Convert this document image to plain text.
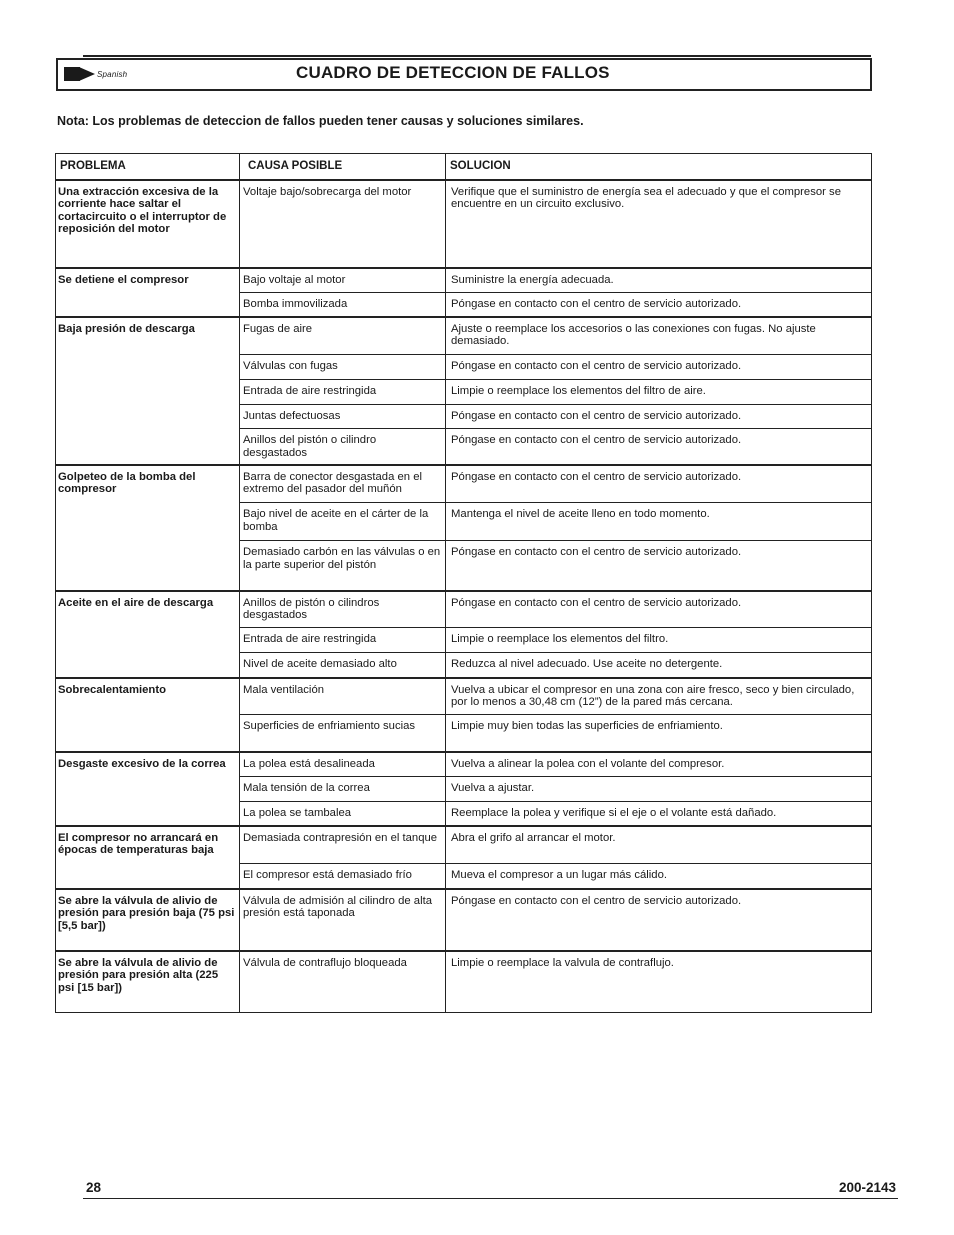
Spanish	CUADRO DE DETECCION DE FALLOS
Nota: Los problemas de deteccion de fallos pueden tener causas y soluciones similares.
PROBLEMA	CAUSA POSIBLE	SOLUCION
Una extracción excesiva de la corriente hace saltar el cortacircuito o el interruptor de reposición del motor	Voltaje bajo/sobrecarga del motor	Verifique que el suministro de energía sea el adecuado y que el compresor se encuentre en un circuito exclusivo.
Se detiene el compresor	Bajo voltaje al motor	Suministre la energía adecuada.
	Bomba immovilizada	Póngase en contacto con el centro de servicio autorizado.
Baja presión de descarga	Fugas de aire	Ajuste o reemplace los accesorios o las conexiones con fugas. No ajuste demasiado.
	Válvulas con fugas	Póngase en contacto con el centro de servicio autorizado.
	Entrada de aire restringida	Limpie o reemplace los elementos del filtro de aire.
	Juntas defectuosas	Póngase en contacto con el centro de servicio autorizado.
	Anillos del pistón o cilindro desgastados	Póngase en contacto con el centro de servicio autorizado.
Golpeteo de la bomba del compresor	Barra de conector desgastada en el extremo del pasador del muñón	Póngase en contacto con el centro de servicio autorizado.
	Bajo nivel de aceite en el cárter de la bomba	Mantenga el nivel de aceite lleno en todo momento.
	Demasiado carbón en las válvulas o en la parte superior del pistón	Póngase en contacto con el centro de servicio autorizado.
Aceite en el aire de descarga	Anillos de pistón o cilindros desgastados	Póngase en contacto con el centro de servicio autorizado.
	Entrada de aire restringida	Limpie o reemplace los elementos del filtro.
	Nivel de aceite demasiado alto	Reduzca al nivel adecuado. Use aceite no detergente.
Sobrecalentamiento	Mala ventilación	Vuelva a ubicar el compresor en una zona con aire fresco, seco y bien circulado, por lo menos a 30,48 cm (12”) de la pared más cercana.
	Superficies de enfriamiento sucias	Limpie muy bien todas las superficies de enfriamiento.
Desgaste excesivo de la correa	La polea está desalineada	Vuelva a alinear la polea con el volante del compresor.
	Mala tensión de la correa	Vuelva a ajustar.
	La polea se tambalea	Reemplace la polea y verifique si el eje o el volante está dañado.
El compresor no arrancará en épocas de temperaturas baja	Demasiada contrapresión en el tanque	Abra el grifo al arrancar el motor.
	El compresor está demasiado frío	Mueva el compresor a un lugar más cálido.
Se abre la válvula de alivio de presión para presión baja (75 psi [5,5 bar])	Válvula de admisión al cilindro de alta presión está taponada	Póngase en contacto con el centro de servicio autorizado.
Se abre la válvula de alivio de presión para presión alta (225 psi [15 bar])	Válvula de contraflujo bloqueada	Limpie o reemplace la valvula de contraflujo.
28	200-2143
